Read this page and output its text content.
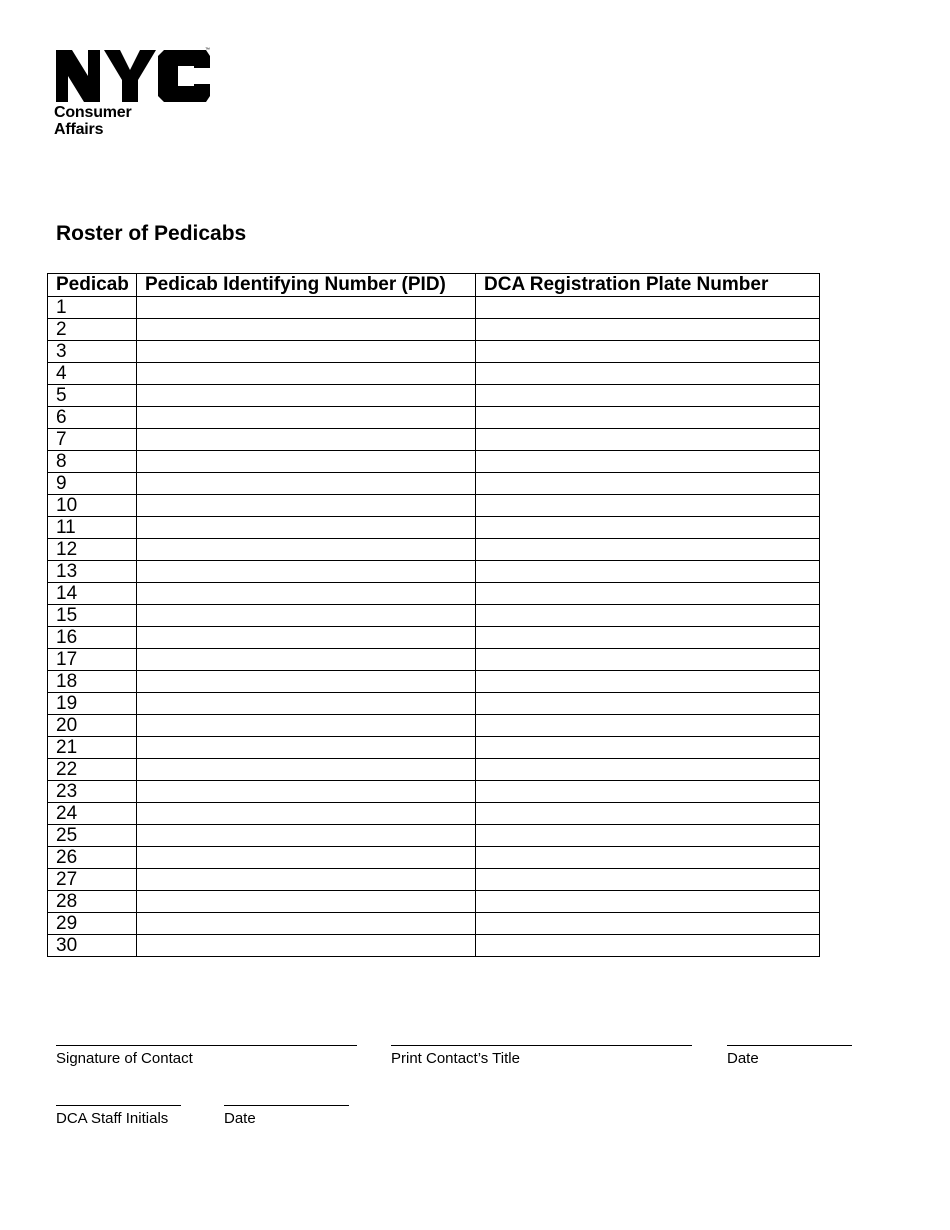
™
Consumer
Affairs
Roster of Pedicabs
Pedicab	Pedicab Identifying Number (PID)	DCA Registration Plate Number
1		
2		
3		
4		
5		
6		
7		
8		
9		
10		
11		
12		
13		
14		
15		
16		
17		
18		
19		
20		
21		
22		
23		
24		
25		
26		
27		
28		
29		
30		
Signature of Contact	Print Contact’s Title	Date
DCA Staff Initials	Date
